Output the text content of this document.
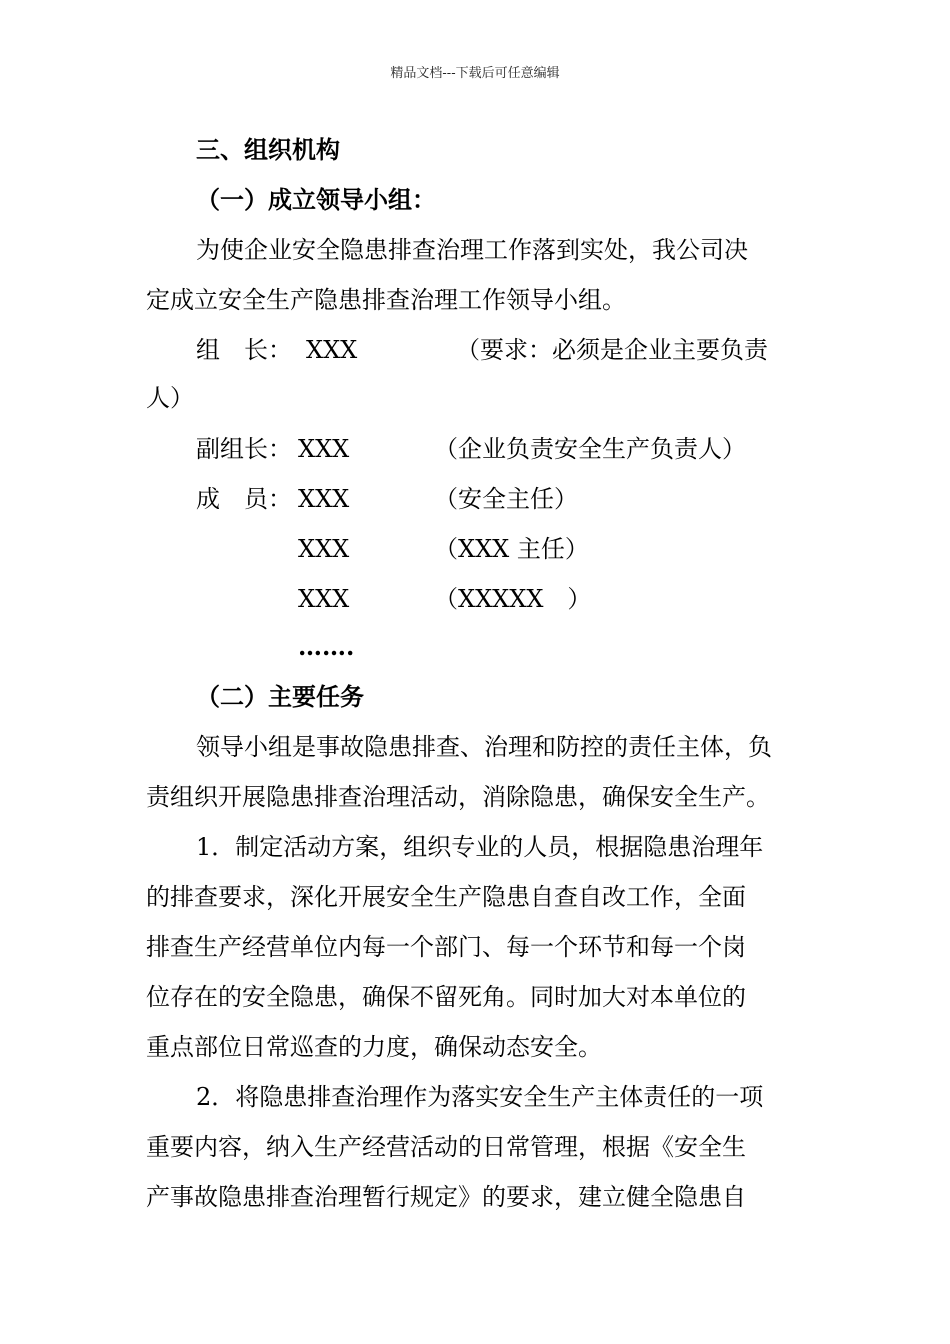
精品文档---下载后可任意编辑
三、组织机构
（一）成立领导小组：
为使企业安全隐患排查治理工作落到实处，我公司决
定成立安全生产隐患排查治理工作领导小组。
组　长： XXX	（要求：必须是企业主要负责
人）
副组长： XXX	（企业负责安全生产负责人）
成　员： XXX	（安全主任）
XXX	（XXX 主任）
XXX	（XXXXX　）
…….
（二）主要任务
领导小组是事故隐患排查、治理和防控的责任主体，负
责组织开展隐患排查治理活动，消除隐患，确保安全生产。
1．制定活动方案，组织专业的人员，根据隐患治理年
的排查要求，深化开展安全生产隐患自查自改工作，全面
排查生产经营单位内每一个部门、每一个环节和每一个岗
位存在的安全隐患，确保不留死角。同时加大对本单位的
重点部位日常巡查的力度，确保动态安全。
2．将隐患排查治理作为落实安全生产主体责任的一项
重要内容，纳入生产经营活动的日常管理，根据《安全生
产事故隐患排查治理暂行规定》的要求，建立健全隐患自
